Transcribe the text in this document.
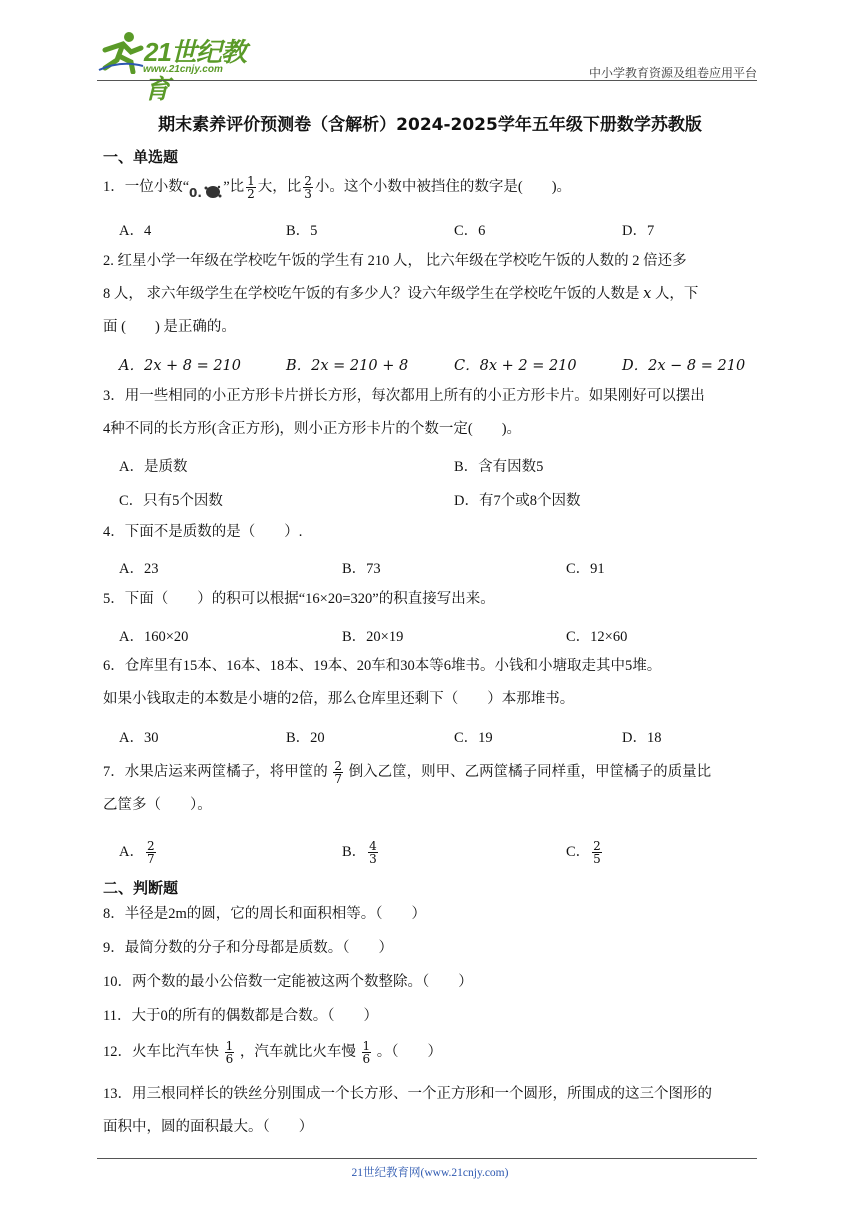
21世纪教育
www.21cnjy.com	中小学教育资源及组卷应用平台
期末素养评价预测卷（含解析）2024-2025学年五年级下册数学苏教版
一、单选题
1．一位小数“ 0. ”比 $\frac{1}{2}$ 大，比 $\frac{2}{3}$ 小。这个小数中被挡住的数字是(　　)。
A．4	B．5	C．6	D．7
2. 红星小学一年级在学校吃午饭的学生有 210 人， 比六年级在学校吃午饭的人数的 2 倍还多
8 人， 求六年级学生在学校吃午饭的有多少人？设六年级学生在学校吃午饭的人数是 x 人，下
面 (　　) 是正确的。
A．2x + 8 = 210	B．2x = 210 + 8	C．8x + 2 = 210	D．2x − 8 = 210
3．用一些相同的小正方形卡片拼长方形，每次都用上所有的小正方形卡片。如果刚好可以摆出
4种不同的长方形(含正方形)，则小正方形卡片的个数一定(　　)。
A．是质数	B．含有因数5
C．只有5个因数	D．有7个或8个因数
4．下面不是质数的是（　　）.
A．23	B．73	C．91
5．下面（　　）的积可以根据“16×20=320”的积直接写出来。
A．160×20	B．20×19	C．12×60
6．仓库里有15本、16本、18本、19本、20车和30本等6堆书。小钱和小塘取走其中5堆。
如果小钱取走的本数是小塘的2倍，那么仓库里还剩下（　　）本那堆书。
A．30	B．20	C．19	D．18
7．水果店运来两筐橘子，将甲筐的 $\frac{2}{7}$ 倒入乙筐，则甲、乙两筐橘子同样重，甲筐橘子的质量比
乙筐多（　　）。
A． $\frac{2}{7}$	B． $\frac{4}{3}$	C． $\frac{2}{5}$
二、判断题
8．半径是2m的圆，它的周长和面积相等。（　　）
9．最简分数的分子和分母都是质数。（　　）
10．两个数的最小公倍数一定能被这两个数整除。（　　）
11．大于0的所有的偶数都是合数。（　　）
12．火车比汽车快 $\frac{1}{6}$ ，汽车就比火车慢 $\frac{1}{6}$ 。（　　）
13．用三根同样长的铁丝分别围成一个长方形、一个正方形和一个圆形，所围成的这三个图形的
面积中，圆的面积最大。（　　）
21世纪教育网(www.21cnjy.com)
